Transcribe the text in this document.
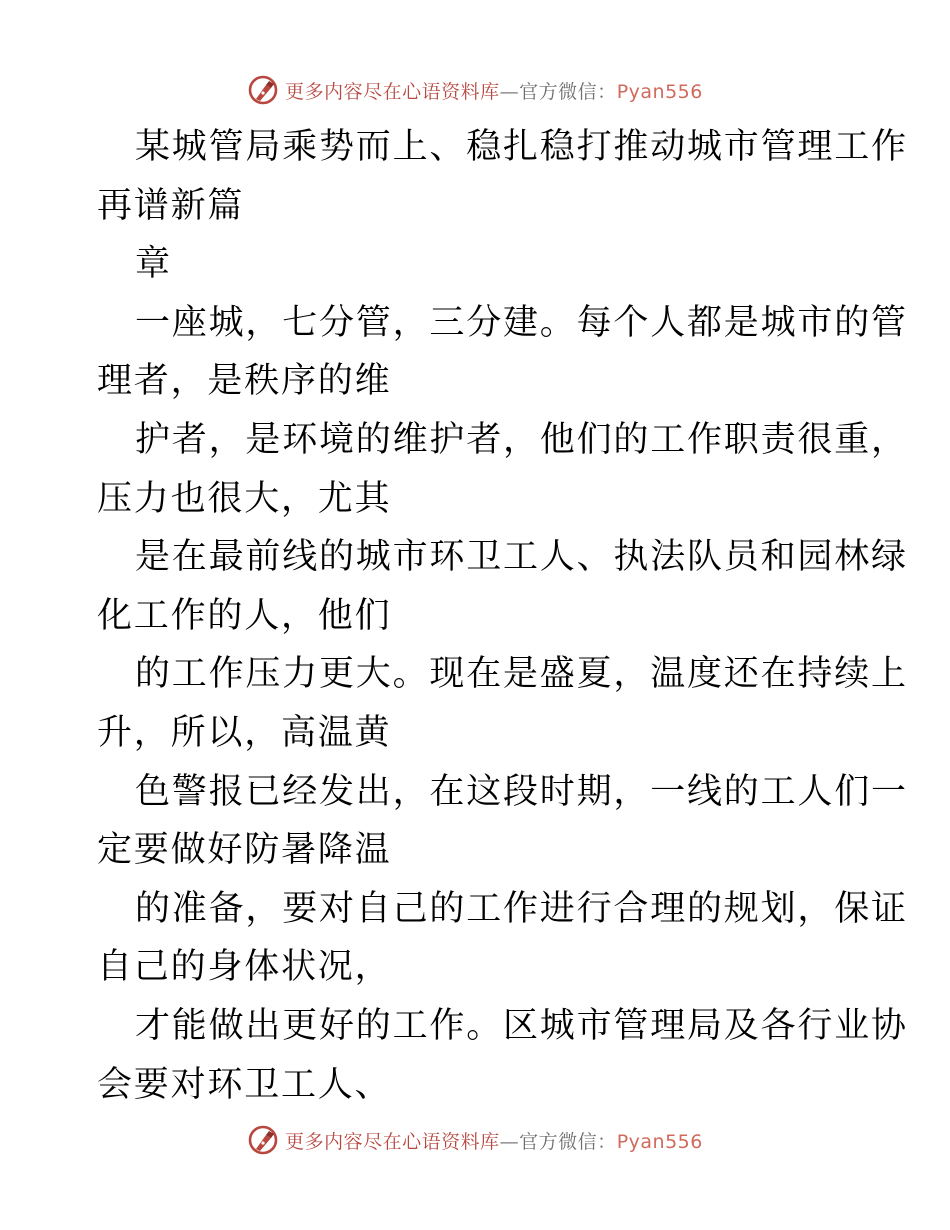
更多内容尽在心语资料库—官方微信：Pyan556
某城管局乘势而上、稳扎稳打推动城市管理工作
再谱新篇
章
一座城，七分管，三分建。每个人都是城市的管
理者，是秩序的维
护者，是环境的维护者，他们的工作职责很重，
压力也很大，尤其
是在最前线的城市环卫工人、执法队员和园林绿
化工作的人，他们
的工作压力更大。现在是盛夏，温度还在持续上
升，所以，高温黄
色警报已经发出，在这段时期，一线的工人们一
定要做好防暑降温
的准备，要对自己的工作进行合理的规划，保证
自己的身体状况，
才能做出更好的工作。区城市管理局及各行业协
会要对环卫工人、
更多内容尽在心语资料库—官方微信：Pyan556
